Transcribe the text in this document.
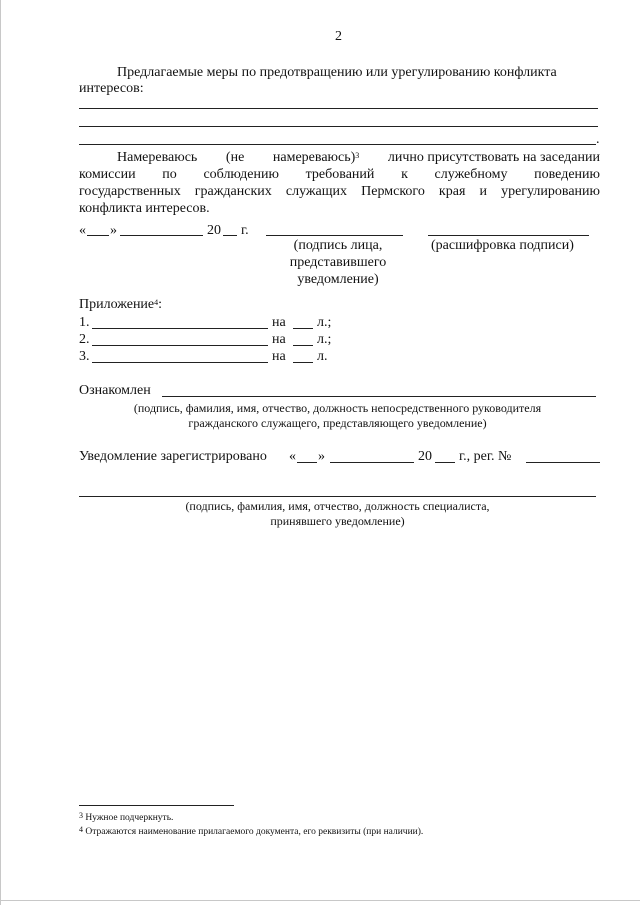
2
Предлагаемые меры по предотвращению или урегулированию конфликта
интересов:
.
Намереваюсь (не намереваюсь)$^3$ лично присутствовать на заседании
комиссии по соблюдению требований к служебному поведению
государственных гражданских служащих Пермского края и урегулированию
конфликта интересов.
« »	20 г.
(подпись лица, представившего уведомление)
(расшифровка подписи)
Приложение$^4$:
1.	на л.;
2.	на л.;
3.	на л.
Ознакомлен
(подпись, фамилия, имя, отчество, должность непосредственного руководителя
гражданского служащего, представляющего уведомление)
Уведомление зарегистрировано « »	20 г., рег. №
(подпись, фамилия, имя, отчество, должность специалиста,
принявшего уведомление)
$^3$ Нужное подчеркнуть.
$^4$ Отражаются наименование прилагаемого документа, его реквизиты (при наличии).
